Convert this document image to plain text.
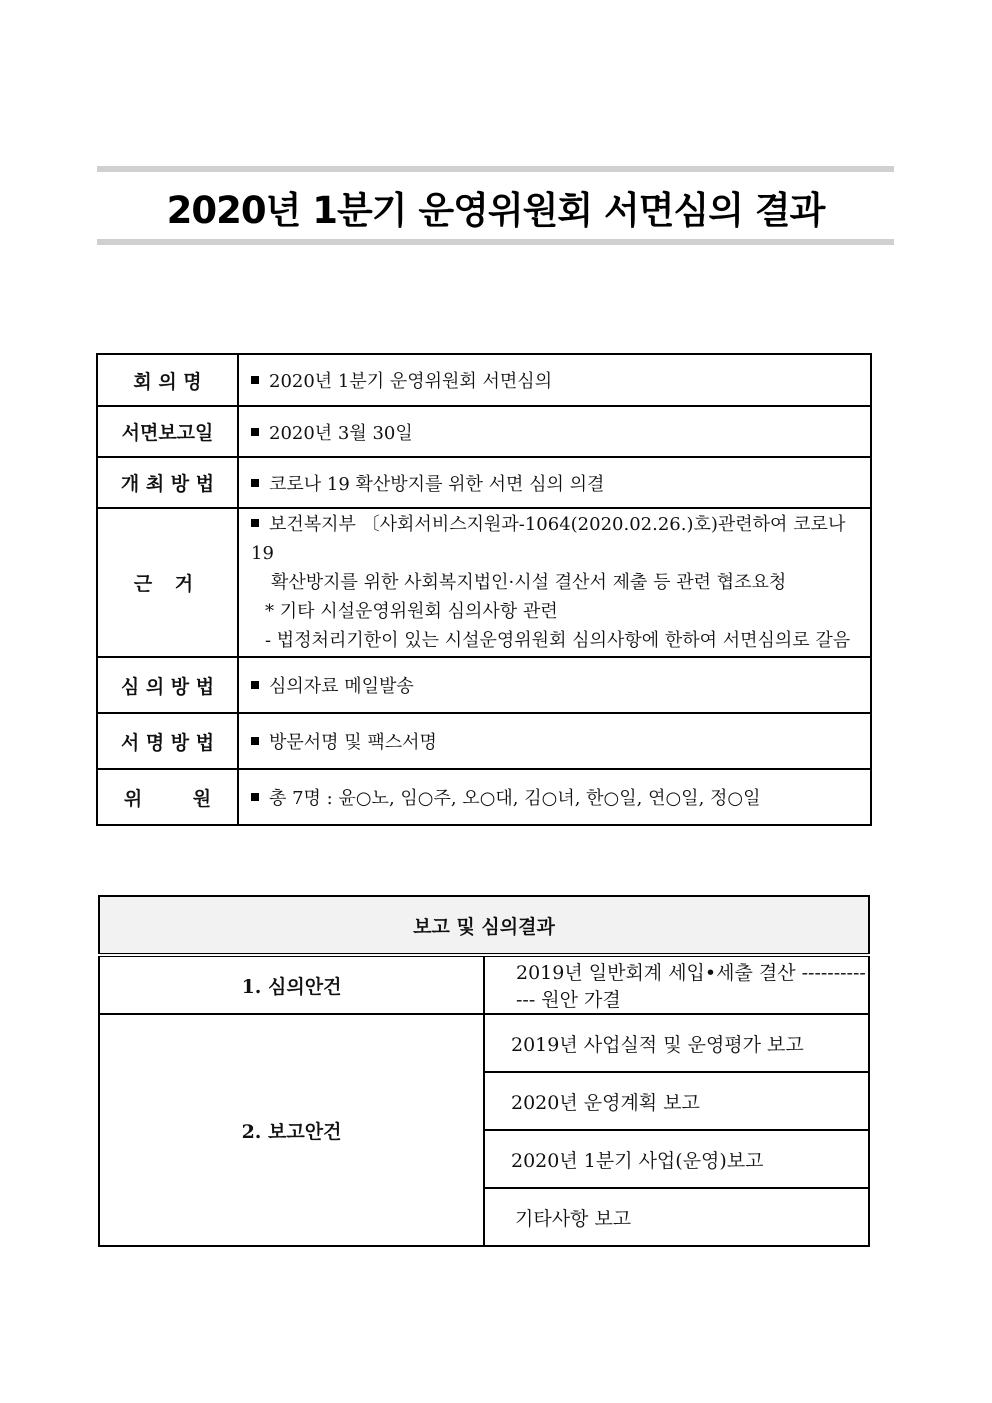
2020년 1분기 운영위원회 서면심의 결과
회 의 명	2020년 1분기 운영위원회 서면심의
서면보고일	2020년 3월 30일
개 최 방 법	코로나 19 확산방지를 위한 서면 심의 의결
근 거	보건복지부 〔사회서비스지원과-1064(2020.02.26.)호)관련하여 코로나 19
확산방지를 위한 사회복지법인·시설 결산서 제출 등 관련 협조요청
* 기타 시설운영위원회 심의사항 관련
- 법정처리기한이 있는 시설운영위원회 심의사항에 한하여 서면심의로 갈음

심 의 방 법	심의자료 메일발송
서 명 방 법	방문서명 및 팩스서명
위 원	총 7명 : 윤○노, 임○주, 오○대, 김○녀, 한○일, 연○일, 정○일
보고 및 심의결과	
1. 심의안건	2019년 일반회계 세입•세출 결산 ------------- 원안 가결
2. 보고안건	2019년 사업실적 및 운영평가 보고
	2020년 운영계획 보고
	2020년 1분기 사업(운영)보고
	기타사항 보고
